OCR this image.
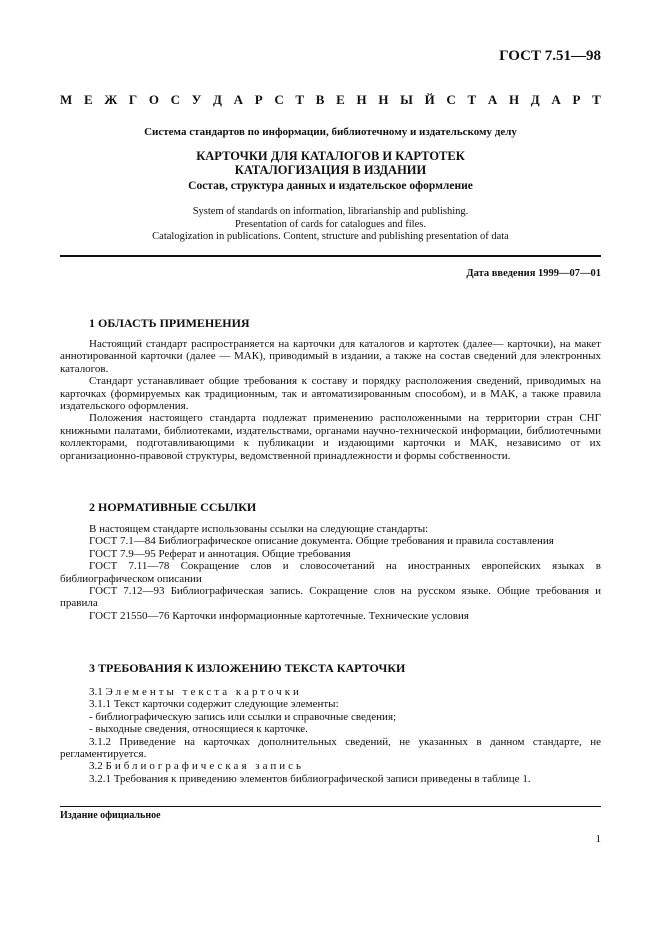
ГОСТ 7.51—98
М Е Ж Г О С У Д А Р С Т В Е Н Н Ы Й С Т А Н Д А Р Т
Система стандартов по информации, библиотечному и издательскому делу
КАРТОЧКИ ДЛЯ КАТАЛОГОВ И КАРТОТЕК
КАТАЛОГИЗАЦИЯ В ИЗДАНИИ
Состав, структура данных и издательское оформление
System of standards on information, librarianship and publishing.
Presentation of cards for catalogues and files.
Catalogization in publications. Content, structure and publishing presentation of data
Дата введения 1999—07—01
1 ОБЛАСТЬ ПРИМЕНЕНИЯ

Настоящий стандарт распространяется на карточки для каталогов и картотек (далее— карточки), на макет аннотированной карточки (далее — МАК), приводимый в издании, а также на состав сведений для электронных каталогов.

Стандарт устанавливает общие требования к составу и порядку расположения сведений, приводимых на карточках (формируемых как традиционным, так и автоматизированным способом), и в МАК, а также правила издательского оформления.

Положения настоящего стандарта подлежат применению расположенными на территории стран СНГ книжными палатами, библиотеками, издательствами, органами научно-технической информации, библиотечными коллекторами, подготавливающими к публикации и издающими карточки и МАК, независимо от их организационно-правовой структуры, ведомственной принадлежности и формы собственности.

2 НОРМАТИВНЫЕ ССЫЛКИ

В настоящем стандарте использованы ссылки на следующие стандарты:

ГОСТ 7.1—84 Библиографическое описание документа. Общие требования и правила составления

ГОСТ 7.9—95 Реферат и аннотация. Общие требования

ГОСТ 7.11—78 Сокращение слов и словосочетаний на иностранных европейских языках в библиографическом описании

ГОСТ 7.12—93 Библиографическая запись. Сокращение слов на русском языке. Общие требования и правила

ГОСТ 21550—76 Карточки информационные картотечные. Технические условия

3 ТРЕБОВАНИЯ К ИЗЛОЖЕНИЮ ТЕКСТА КАРТОЧКИ

3.1 Элементы текста карточки

3.1.1 Текст карточки содержит следующие элементы:

- библиографическую запись или ссылки и справочные сведения;

- выходные сведения, относящиеся к карточке.

3.1.2 Приведение на карточках дополнительных сведений, не указанных в данном стандарте, не регламентируется.

3.2 Библиографическая запись

3.2.1 Требования к приведению элементов библиографической записи приведены в таблице 1.

Издание официальное
1
